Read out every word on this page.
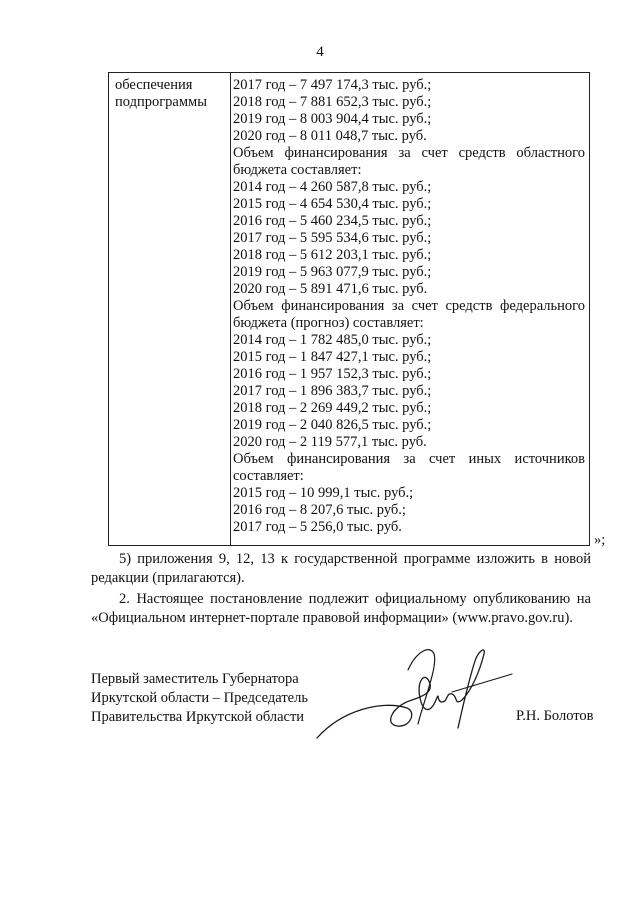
4
обеспечения
подпрограммы
2017 год – 7 497 174,3 тыс. руб.;
2018 год – 7 881 652,3 тыс. руб.;
2019 год – 8 003 904,4 тыс. руб.;
2020 год – 8 011 048,7 тыс. руб.
Объем финансирования за счет средств областного
бюджета составляет:
2014 год – 4 260 587,8 тыс. руб.;
2015 год – 4 654 530,4 тыс. руб.;
2016 год – 5 460 234,5 тыс. руб.;
2017 год – 5 595 534,6 тыс. руб.;
2018 год – 5 612 203,1 тыс. руб.;
2019 год – 5 963 077,9 тыс. руб.;
2020 год – 5 891 471,6 тыс. руб.
Объем финансирования за счет средств федерального
бюджета (прогноз) составляет:
2014 год – 1 782 485,0 тыс. руб.;
2015 год – 1 847 427,1 тыс. руб.;
2016 год – 1 957 152,3 тыс. руб.;
2017 год – 1 896 383,7 тыс. руб.;
2018 год – 2 269 449,2 тыс. руб.;
2019 год – 2 040 826,5 тыс. руб.;
2020 год – 2 119 577,1 тыс. руб.
Объем финансирования за счет иных источников
составляет:
2015 год – 10 999,1 тыс. руб.;
2016 год – 8 207,6 тыс. руб.;
2017 год – 5 256,0 тыс. руб.
»;
5) приложения 9, 12, 13 к государственной программе изложить в новой
редакции (прилагаются).
2. Настоящее постановление подлежит официальному опубликованию на
«Официальном интернет-портале правовой информации» (www.pravo.gov.ru).
Первый заместитель Губернатора
Иркутской области – Председатель
Правительства Иркутской области	Р.Н. Болотов
